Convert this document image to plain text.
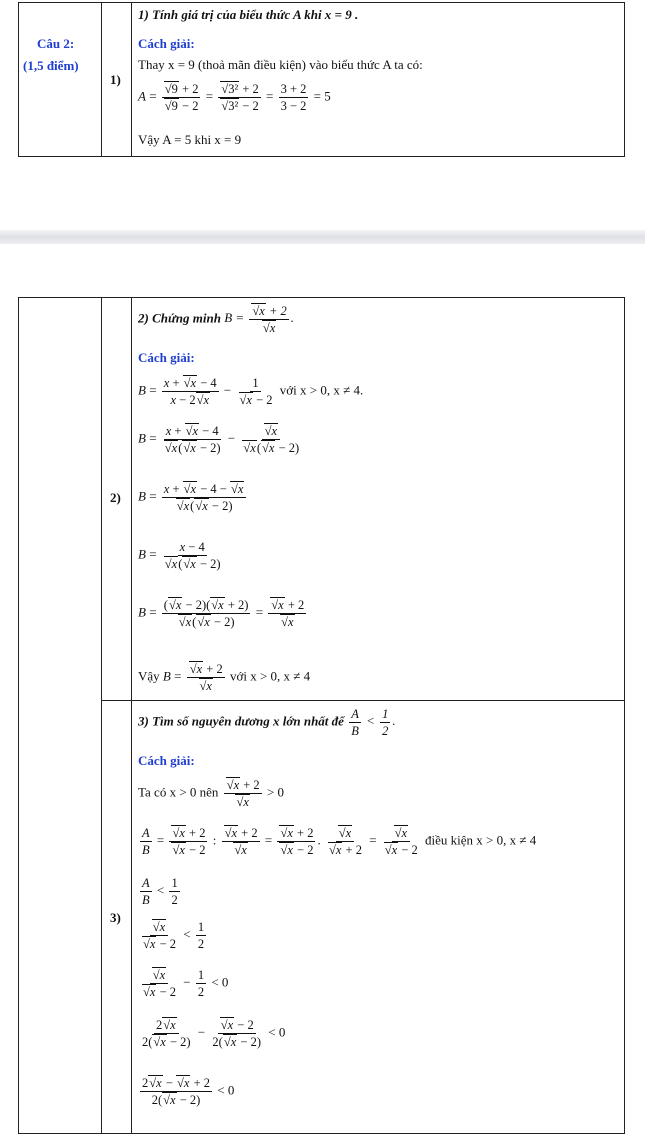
Câu 2:
(1,5 điểm)
1)
1) Tính giá trị của biểu thức A khi x = 9 .
Cách giải:
Thay x = 9 (thoả mãn điều kiện) vào biểu thức A ta có:
$A = \frac{√9 + 2}{√9 - 2} = \frac{\text{√3² + 2}}{\text{√3² − 2}} = \frac{3 + 2}{3 - 2} = 5$
Vậy A = 5 khi x = 9
2)
2) Chứng minh $B = \frac{√x + 2}{√x}$ .
Cách giải:
$B = \frac{x + √x - 4}{x - 2√x} - \frac{1}{√x - 2}$ với x > 0, x ≠ 4.
$B = \frac{x + √x - 4}{√x(√x - 2)} - \frac{√x}{√x(√x - 2)}$
$B = \frac{x + √x - 4 - √x}{√x(√x - 2)}$
$B = \frac{x - 4}{√x(√x - 2)}$
$B = \frac{(√x - 2)(√x + 2)}{√x(√x - 2)} = \frac{√x + 2}{√x}$
Vậy $B = \frac{√x + 2}{√x}$ với x > 0, x ≠ 4
3)
3) Tìm số nguyên dương x lớn nhất để $\frac{A}{B} < \frac{1}{2}$ .
Cách giải:
Ta có x > 0 nên $\frac{√x + 2}{√x} > 0$
$\frac{A}{B} = \frac{√x + 2}{√x - 2}$ : $\frac{√x + 2}{√x} = \frac{√x + 2}{√x - 2}$ . $\frac{√x}{√x + 2} = \frac{√x}{√x - 2}$ điều kiện x > 0, x ≠ 4
$\frac{A}{B} < \frac{1}{2}$
$\frac{√x}{√x - 2} < \frac{1}{2}$
$\frac{√x}{√x - 2} - \frac{1}{2} < 0$
$\frac{2√x}{2(√x - 2)} - \frac{√x - 2}{2(√x - 2)} < 0$
$\frac{2√x - √x + 2}{2(√x - 2)} < 0$
